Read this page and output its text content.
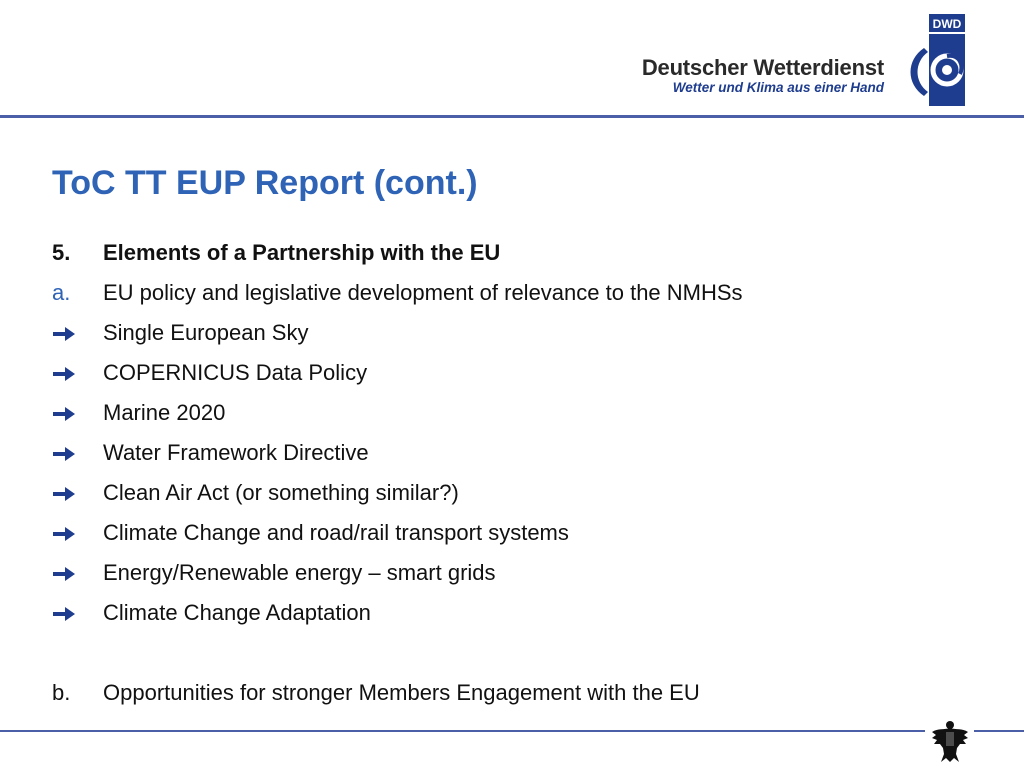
Deutscher Wetterdienst
Wetter und Klima aus einer Hand
DWD
ToC TT EUP Report (cont.)
5. Elements of a Partnership with the EU
a. EU policy and legislative development of relevance to the NMHSs
Single European Sky
COPERNICUS Data Policy
Marine 2020
Water Framework Directive
Clean Air Act (or something similar?)
Climate Change and road/rail transport systems
Energy/Renewable energy – smart grids
Climate Change Adaptation
b. Opportunities for stronger Members Engagement with the EU
